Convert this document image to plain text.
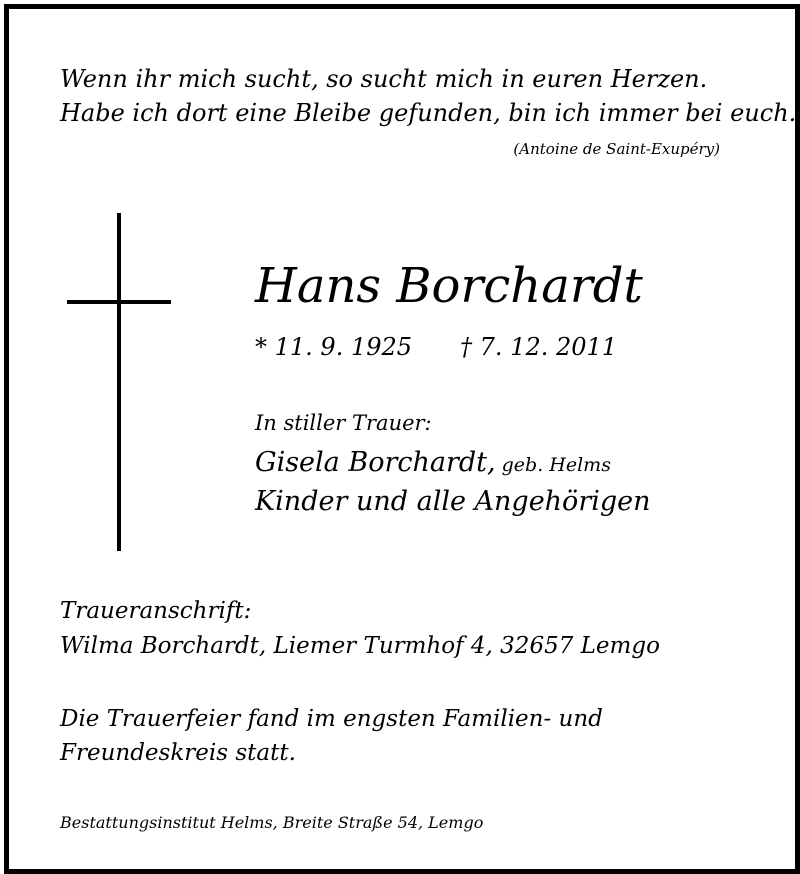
Wenn ihr mich sucht, so sucht mich in euren Herzen.
Habe ich dort eine Bleibe gefunden, bin ich immer bei euch.
(Antoine de Saint-Exupéry)
Hans Borchardt
* 11. 9. 1925 † 7. 12. 2011
In stiller Trauer:
Gisela Borchardt, geb. Helms
Kinder und alle Angehörigen
Traueranschrift:
Wilma Borchardt, Liemer Turmhof 4, 32657 Lemgo
Die Trauerfeier fand im engsten Familien- und
Freundeskreis statt.
Bestattungsinstitut Helms, Breite Straße 54, Lemgo
